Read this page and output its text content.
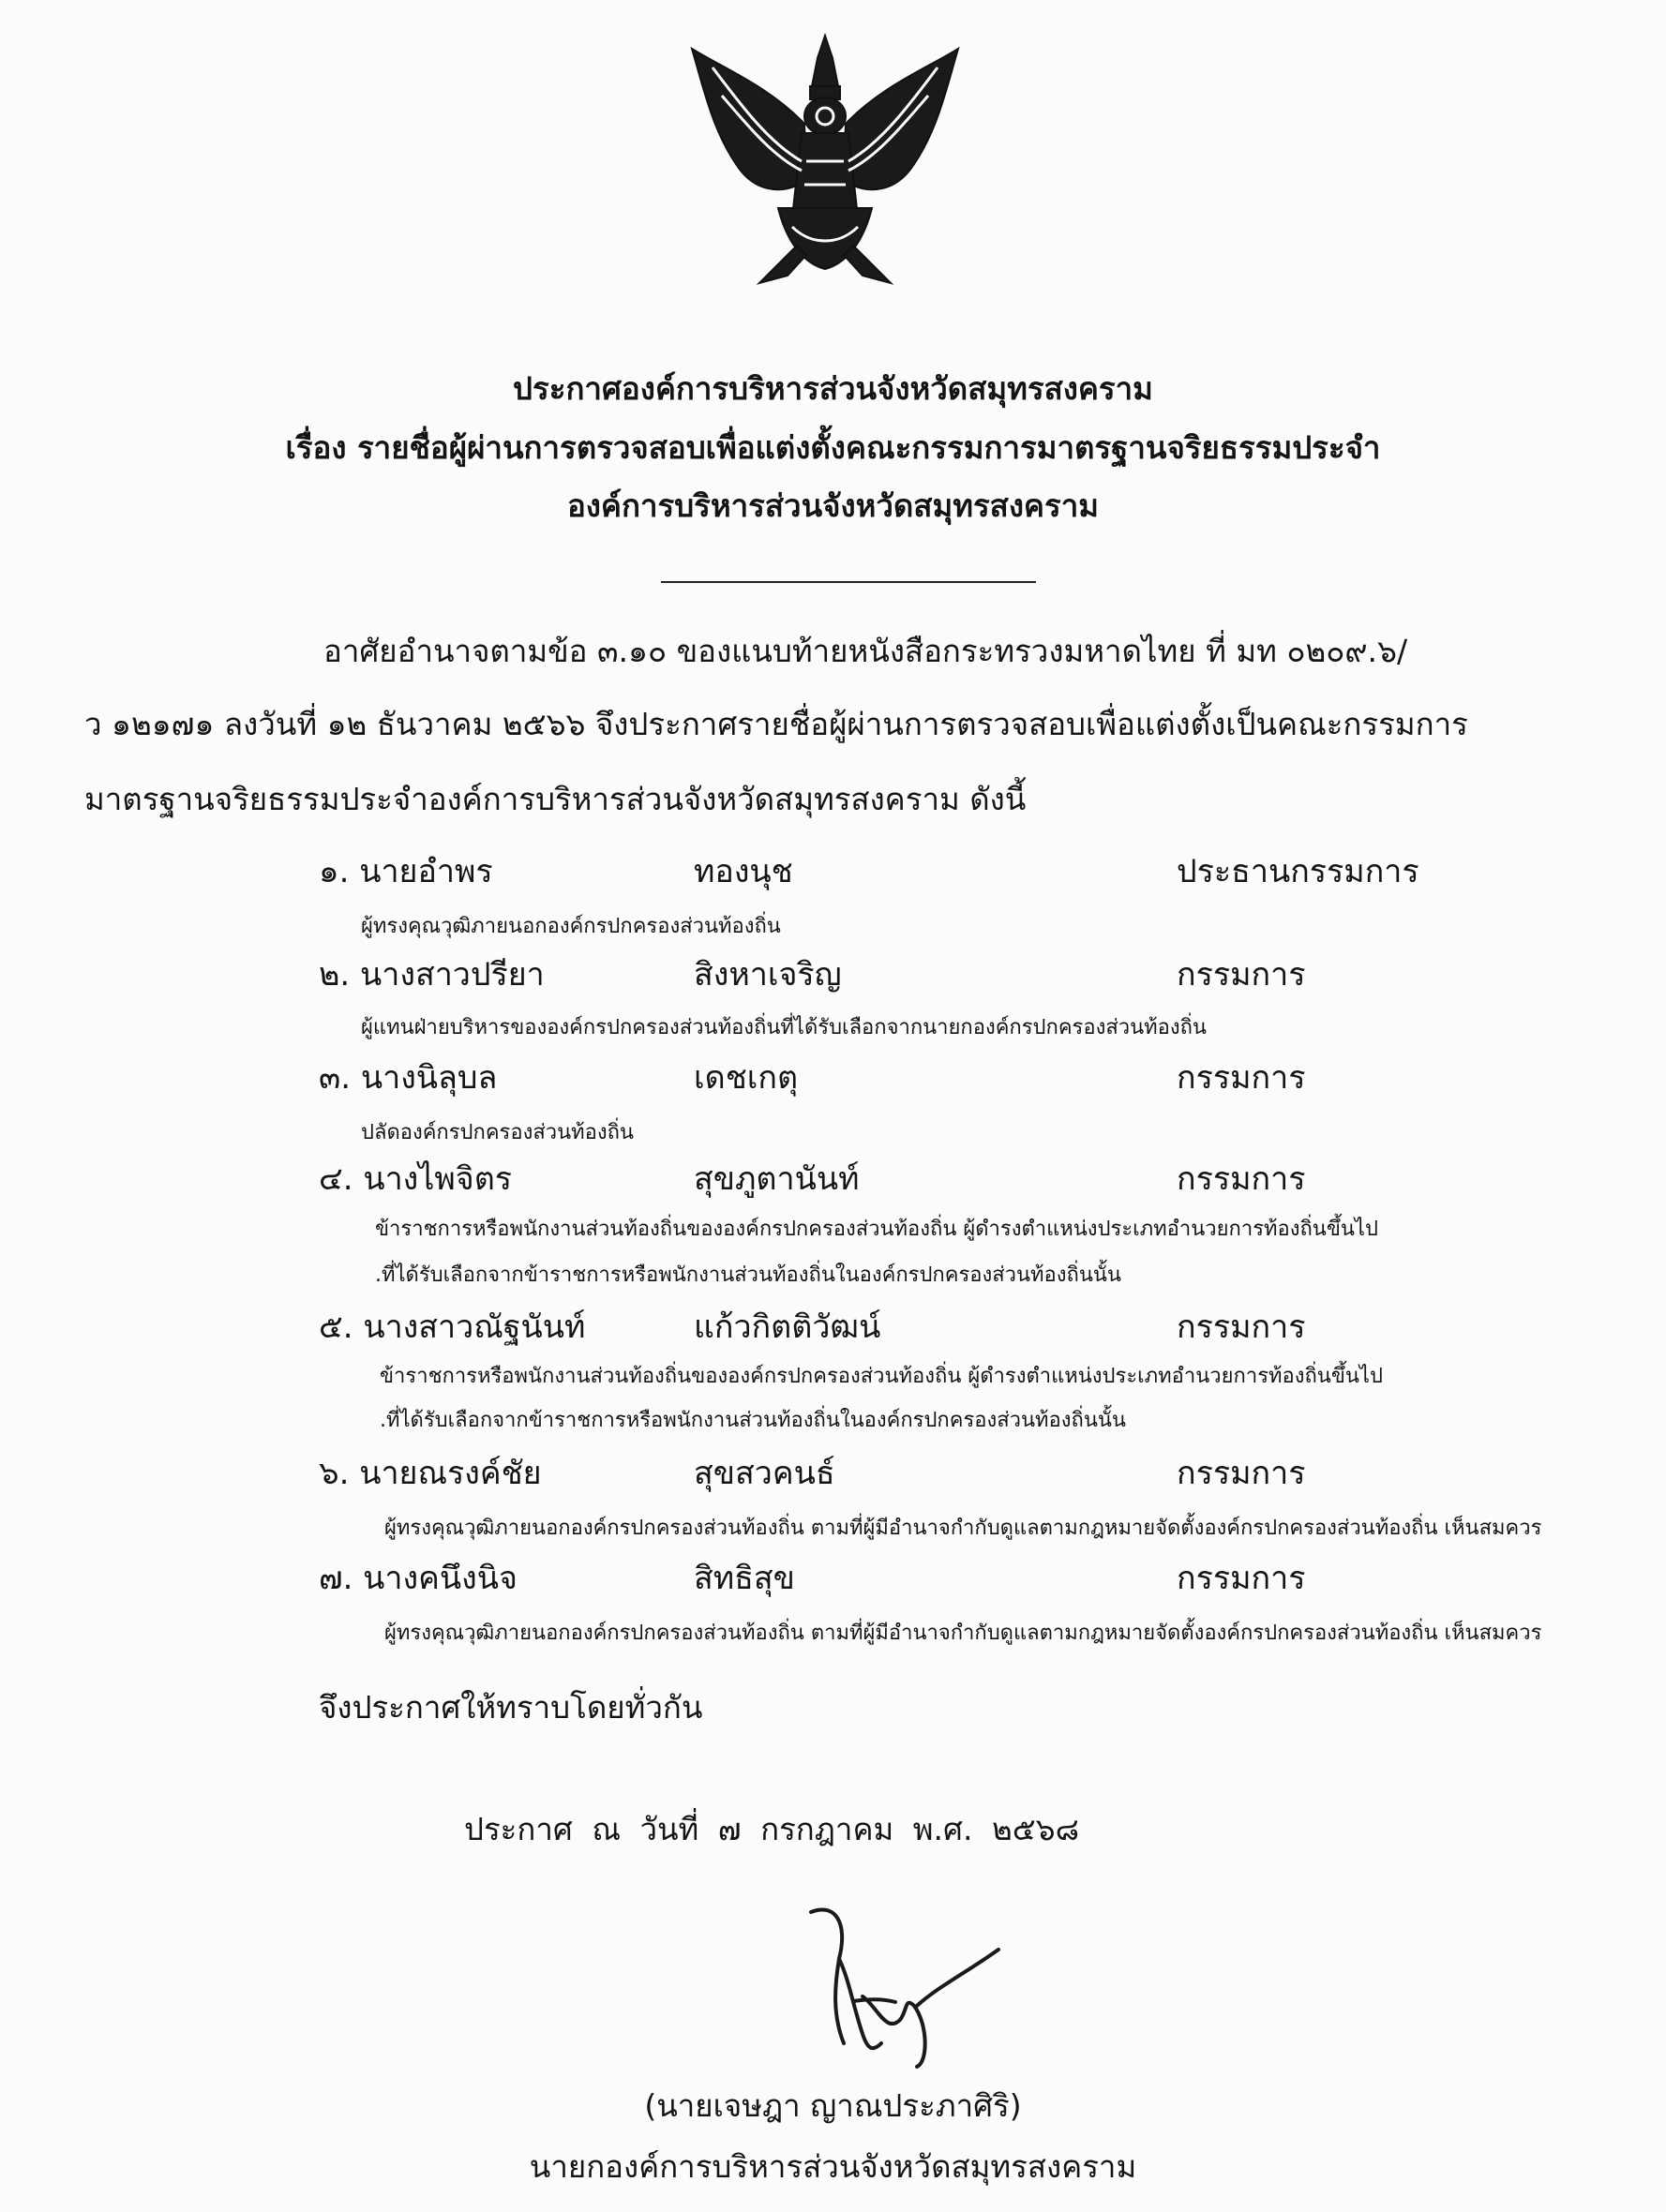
ประกาศองค์การบริหารส่วนจังหวัดสมุทรสงคราม
เรื่อง รายชื่อผู้ผ่านการตรวจสอบเพื่อแต่งตั้งคณะกรรมการมาตรฐานจริยธรรมประจำ
องค์การบริหารส่วนจังหวัดสมุทรสงคราม
อาศัยอำนาจตามข้อ ๓.๑๐ ของแนบท้ายหนังสือกระทรวงมหาดไทย ที่ มท ๐๒๐๙.๖/
ว ๑๒๑๗๑ ลงวันที่ ๑๒ ธันวาคม ๒๕๖๖ จึงประกาศรายชื่อผู้ผ่านการตรวจสอบเพื่อแต่งตั้งเป็นคณะกรรมการ
มาตรฐานจริยธรรมประจำองค์การบริหารส่วนจังหวัดสมุทรสงคราม ดังนี้
๑. นายอำพร	ทองนุช	ประธานกรรมการ
ผู้ทรงคุณวุฒิภายนอกองค์กรปกครองส่วนท้องถิ่น
๒. นางสาวปรียา	สิงหาเจริญ	กรรมการ
ผู้แทนฝ่ายบริหารขององค์กรปกครองส่วนท้องถิ่นที่ได้รับเลือกจากนายกองค์กรปกครองส่วนท้องถิ่น
๓. นางนิลุบล	เดชเกตุ	กรรมการ
ปลัดองค์กรปกครองส่วนท้องถิ่น
๔. นางไพจิตร	สุขภูตานันท์	กรรมการ
ข้าราชการหรือพนักงานส่วนท้องถิ่นขององค์กรปกครองส่วนท้องถิ่น ผู้ดำรงตำแหน่งประเภทอำนวยการท้องถิ่นขึ้นไป
.ที่ได้รับเลือกจากข้าราชการหรือพนักงานส่วนท้องถิ่นในองค์กรปกครองส่วนท้องถิ่นนั้น
๕. นางสาวณัฐนันท์	แก้วกิตติวัฒน์	กรรมการ
ข้าราชการหรือพนักงานส่วนท้องถิ่นขององค์กรปกครองส่วนท้องถิ่น ผู้ดำรงตำแหน่งประเภทอำนวยการท้องถิ่นขึ้นไป
.ที่ได้รับเลือกจากข้าราชการหรือพนักงานส่วนท้องถิ่นในองค์กรปกครองส่วนท้องถิ่นนั้น
๖. นายณรงค์ชัย	สุขสวคนธ์	กรรมการ
ผู้ทรงคุณวุฒิภายนอกองค์กรปกครองส่วนท้องถิ่น ตามที่ผู้มีอำนาจกำกับดูแลตามกฎหมายจัดตั้งองค์กรปกครองส่วนท้องถิ่น เห็นสมควร
๗. นางคนึงนิจ	สิทธิสุข	กรรมการ
ผู้ทรงคุณวุฒิภายนอกองค์กรปกครองส่วนท้องถิ่น ตามที่ผู้มีอำนาจกำกับดูแลตามกฎหมายจัดตั้งองค์กรปกครองส่วนท้องถิ่น เห็นสมควร
จึงประกาศให้ทราบโดยทั่วกัน
ประกาศ ณ วันที่ ๗ กรกฎาคม พ.ศ. ๒๕๖๘
(นายเจษฎา ญาณประภาศิริ)
นายกองค์การบริหารส่วนจังหวัดสมุทรสงคราม
